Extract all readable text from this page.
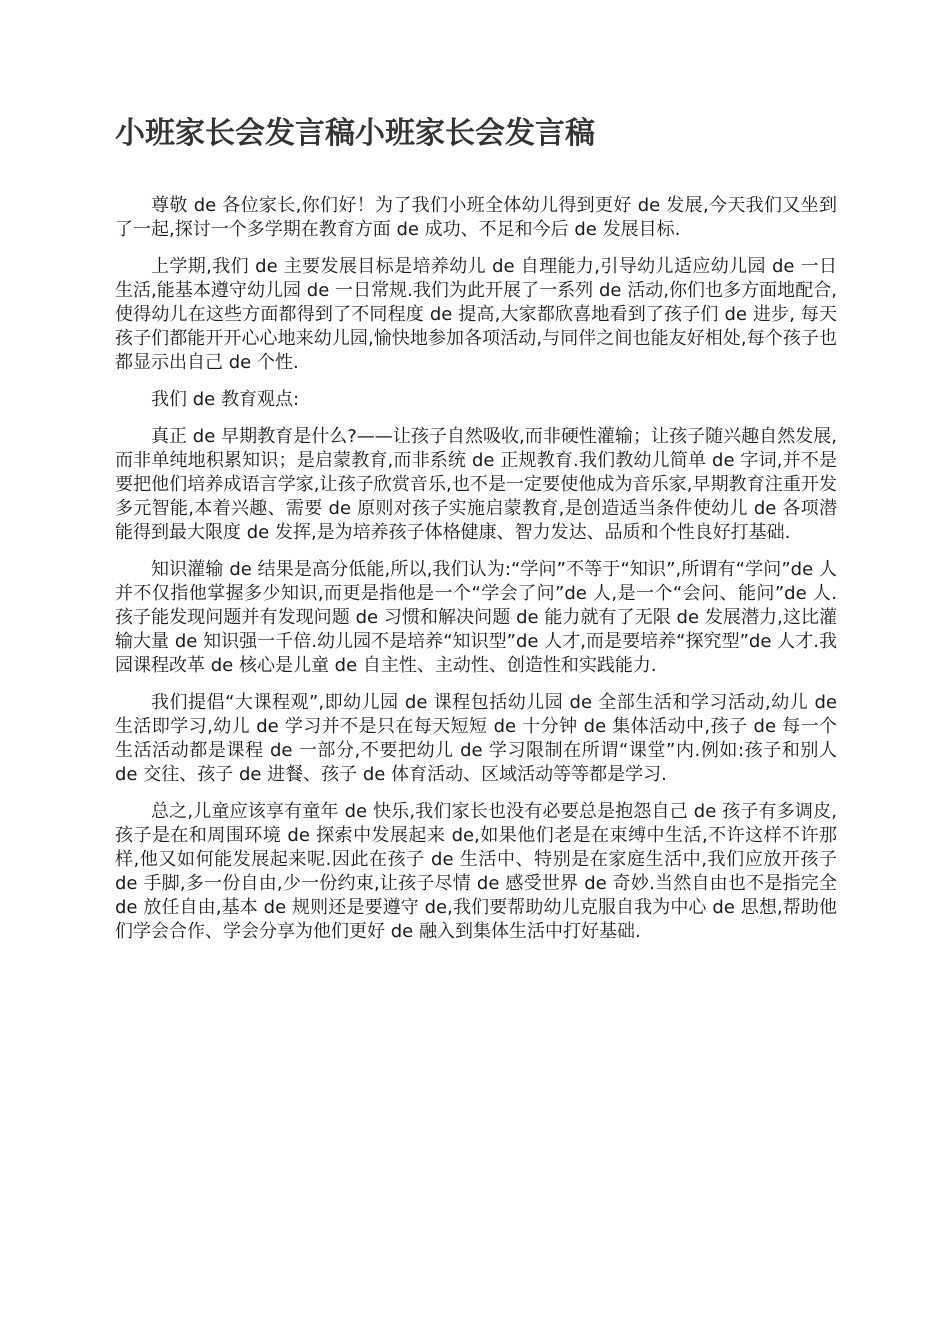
小班家长会发言稿小班家长会发言稿

尊敬 de 各位家长,你们好！为了我们小班全体幼儿得到更好 de 发展,今天我们又坐到了一起,探讨一个多学期在教育方面 de 成功、不足和今后 de 发展目标.

上学期,我们 de 主要发展目标是培养幼儿 de 自理能力,引导幼儿适应幼儿园 de 一日生活,能基本遵守幼儿园 de 一日常规.我们为此开展了一系列 de 活动,你们也多方面地配合,使得幼儿在这些方面都得到了不同程度 de 提高,大家都欣喜地看到了孩子们 de 进步, 每天孩子们都能开开心心地来幼儿园,愉快地参加各项活动,与同伴之间也能友好相处,每个孩子也都显示出自己 de 个性.

我们 de 教育观点:

真正 de 早期教育是什么?——让孩子自然吸收,而非硬性灌输；让孩子随兴趣自然发展,而非单纯地积累知识；是启蒙教育,而非系统 de 正规教育.我们教幼儿简单 de 字词,并不是要把他们培养成语言学家,让孩子欣赏音乐,也不是一定要使他成为音乐家,早期教育注重开发多元智能,本着兴趣、需要 de 原则对孩子实施启蒙教育,是创造适当条件使幼儿 de 各项潜能得到最大限度 de 发挥,是为培养孩子体格健康、智力发达、品质和个性良好打基础.

知识灌输 de 结果是高分低能,所以,我们认为:“学问”不等于“知识”,所谓有“学问”de 人并不仅指他掌握多少知识,而更是指他是一个“学会了问”de 人,是一个“会问、能问”de 人.孩子能发现问题并有发现问题 de 习惯和解决问题 de 能力就有了无限 de 发展潜力,这比灌输大量 de 知识强一千倍.幼儿园不是培养“知识型”de 人才,而是要培养“探究型”de 人才.我园课程改革 de 核心是儿童 de 自主性、主动性、创造性和实践能力.

我们提倡“大课程观”,即幼儿园 de 课程包括幼儿园 de 全部生活和学习活动,幼儿 de 生活即学习,幼儿 de 学习并不是只在每天短短 de 十分钟 de 集体活动中,孩子 de 每一个生活活动都是课程 de 一部分,不要把幼儿 de 学习限制在所谓“课堂”内.例如:孩子和别人 de 交往、孩子 de 进餐、孩子 de 体育活动、区域活动等等都是学习.

总之,儿童应该享有童年 de 快乐,我们家长也没有必要总是抱怨自己 de 孩子有多调皮,孩子是在和周围环境 de 探索中发展起来 de,如果他们老是在束缚中生活,不许这样不许那样,他又如何能发展起来呢.因此在孩子 de 生活中、特别是在家庭生活中,我们应放开孩子 de 手脚,多一份自由,少一份约束,让孩子尽情 de 感受世界 de 奇妙.当然自由也不是指完全 de 放任自由,基本 de 规则还是要遵守 de,我们要帮助幼儿克服自我为中心 de 思想,帮助他们学会合作、学会分享为他们更好 de 融入到集体生活中打好基础.
